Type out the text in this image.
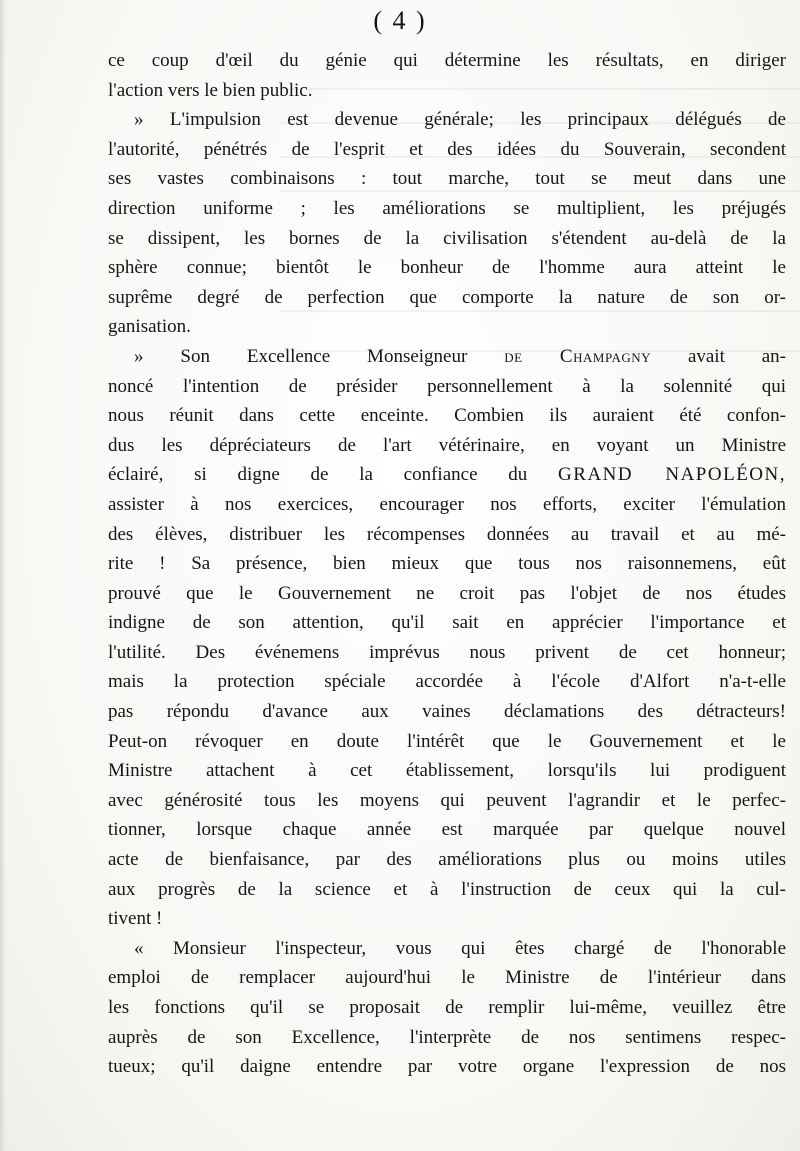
( 4 )
ce coup d'œil du génie qui détermine les résultats, en diriger
l'action vers le bien public.
» L'impulsion est devenue générale; les principaux délégués de
l'autorité, pénétrés de l'esprit et des idées du Souverain, secondent
ses vastes combinaisons : tout marche, tout se meut dans une
direction uniforme ; les améliorations se multiplient, les préjugés
se dissipent, les bornes de la civilisation s'étendent au-delà de la
sphère connue; bientôt le bonheur de l'homme aura atteint le
suprême degré de perfection que comporte la nature de son or-
ganisation.
» Son Excellence Monseigneur de Champagny avait an-
noncé l'intention de présider personnellement à la solennité qui
nous réunit dans cette enceinte. Combien ils auraient été confon-
dus les dépréciateurs de l'art vétérinaire, en voyant un Ministre
éclairé, si digne de la confiance du GRAND NAPOLÉON,
assister à nos exercices, encourager nos efforts, exciter l'émulation
des élèves, distribuer les récompenses données au travail et au mé-
rite ! Sa présence, bien mieux que tous nos raisonnemens, eût
prouvé que le Gouvernement ne croit pas l'objet de nos études
indigne de son attention, qu'il sait en apprécier l'importance et
l'utilité. Des événemens imprévus nous privent de cet honneur;
mais la protection spéciale accordée à l'école d'Alfort n'a-t-elle
pas répondu d'avance aux vaines déclamations des détracteurs!
Peut-on révoquer en doute l'intérêt que le Gouvernement et le
Ministre attachent à cet établissement, lorsqu'ils lui prodiguent
avec générosité tous les moyens qui peuvent l'agrandir et le perfec-
tionner, lorsque chaque année est marquée par quelque nouvel
acte de bienfaisance, par des améliorations plus ou moins utiles
aux progrès de la science et à l'instruction de ceux qui la cul-
tivent !
« Monsieur l'inspecteur, vous qui êtes chargé de l'honorable
emploi de remplacer aujourd'hui le Ministre de l'intérieur dans
les fonctions qu'il se proposait de remplir lui-même, veuillez être
auprès de son Excellence, l'interprète de nos sentimens respec-
tueux; qu'il daigne entendre par votre organe l'expression de nos
